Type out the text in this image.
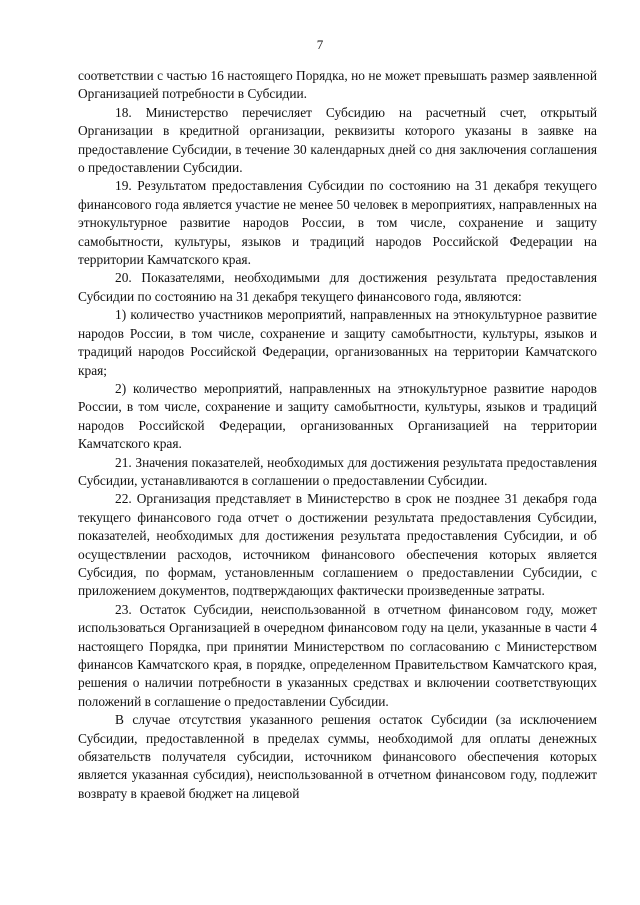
7

соответствии с частью 16 настоящего Порядка, но не может превышать размер заявленной Организацией потребности в Субсидии.

18. Министерство перечисляет Субсидию на расчетный счет, открытый Организации в кредитной организации, реквизиты которого указаны в заявке на предоставление Субсидии, в течение 30 календарных дней со дня заключения соглашения о предоставлении Субсидии.

19. Результатом предоставления Субсидии по состоянию на 31 декабря текущего финансового года является участие не менее 50 человек в мероприятиях, направленных на этнокультурное развитие народов России, в том числе, сохранение и защиту самобытности, культуры, языков и традиций народов Российской Федерации на территории Камчатского края.

20. Показателями, необходимыми для достижения результата предоставления Субсидии по состоянию на 31 декабря текущего финансового года, являются:

1) количество участников мероприятий, направленных на этнокультурное развитие народов России, в том числе, сохранение и защиту самобытности, культуры, языков и традиций народов Российской Федерации, организованных на территории Камчатского края;

2) количество мероприятий, направленных на этнокультурное развитие народов России, в том числе, сохранение и защиту самобытности, культуры, языков и традиций народов Российской Федерации, организованных Организацией на территории Камчатского края.

21. Значения показателей, необходимых для достижения результата предоставления Субсидии, устанавливаются в соглашении о предоставлении Субсидии.

22. Организация представляет в Министерство в срок не позднее 31 декабря года текущего финансового года отчет о достижении результата предоставления Субсидии, показателей, необходимых для достижения результата предоставления Субсидии, и об осуществлении расходов, источником финансового обеспечения которых является Субсидия, по формам, установленным соглашением о предоставлении Субсидии, с приложением документов, подтверждающих фактически произведенные затраты.

23. Остаток Субсидии, неиспользованной в отчетном финансовом году, может использоваться Организацией в очередном финансовом году на цели, указанные в части 4 настоящего Порядка, при принятии Министерством по согласованию с Министерством финансов Камчатского края, в порядке, определенном Правительством Камчатского края, решения о наличии потребности в указанных средствах и включении соответствующих положений в соглашение о предоставлении Субсидии.

В случае отсутствия указанного решения остаток Субсидии (за исключением Субсидии, предоставленной в пределах суммы, необходимой для оплаты денежных обязательств получателя субсидии, источником финансового обеспечения которых является указанная субсидия), неиспользованной в отчетном финансовом году, подлежит возврату в краевой бюджет на лицевой
